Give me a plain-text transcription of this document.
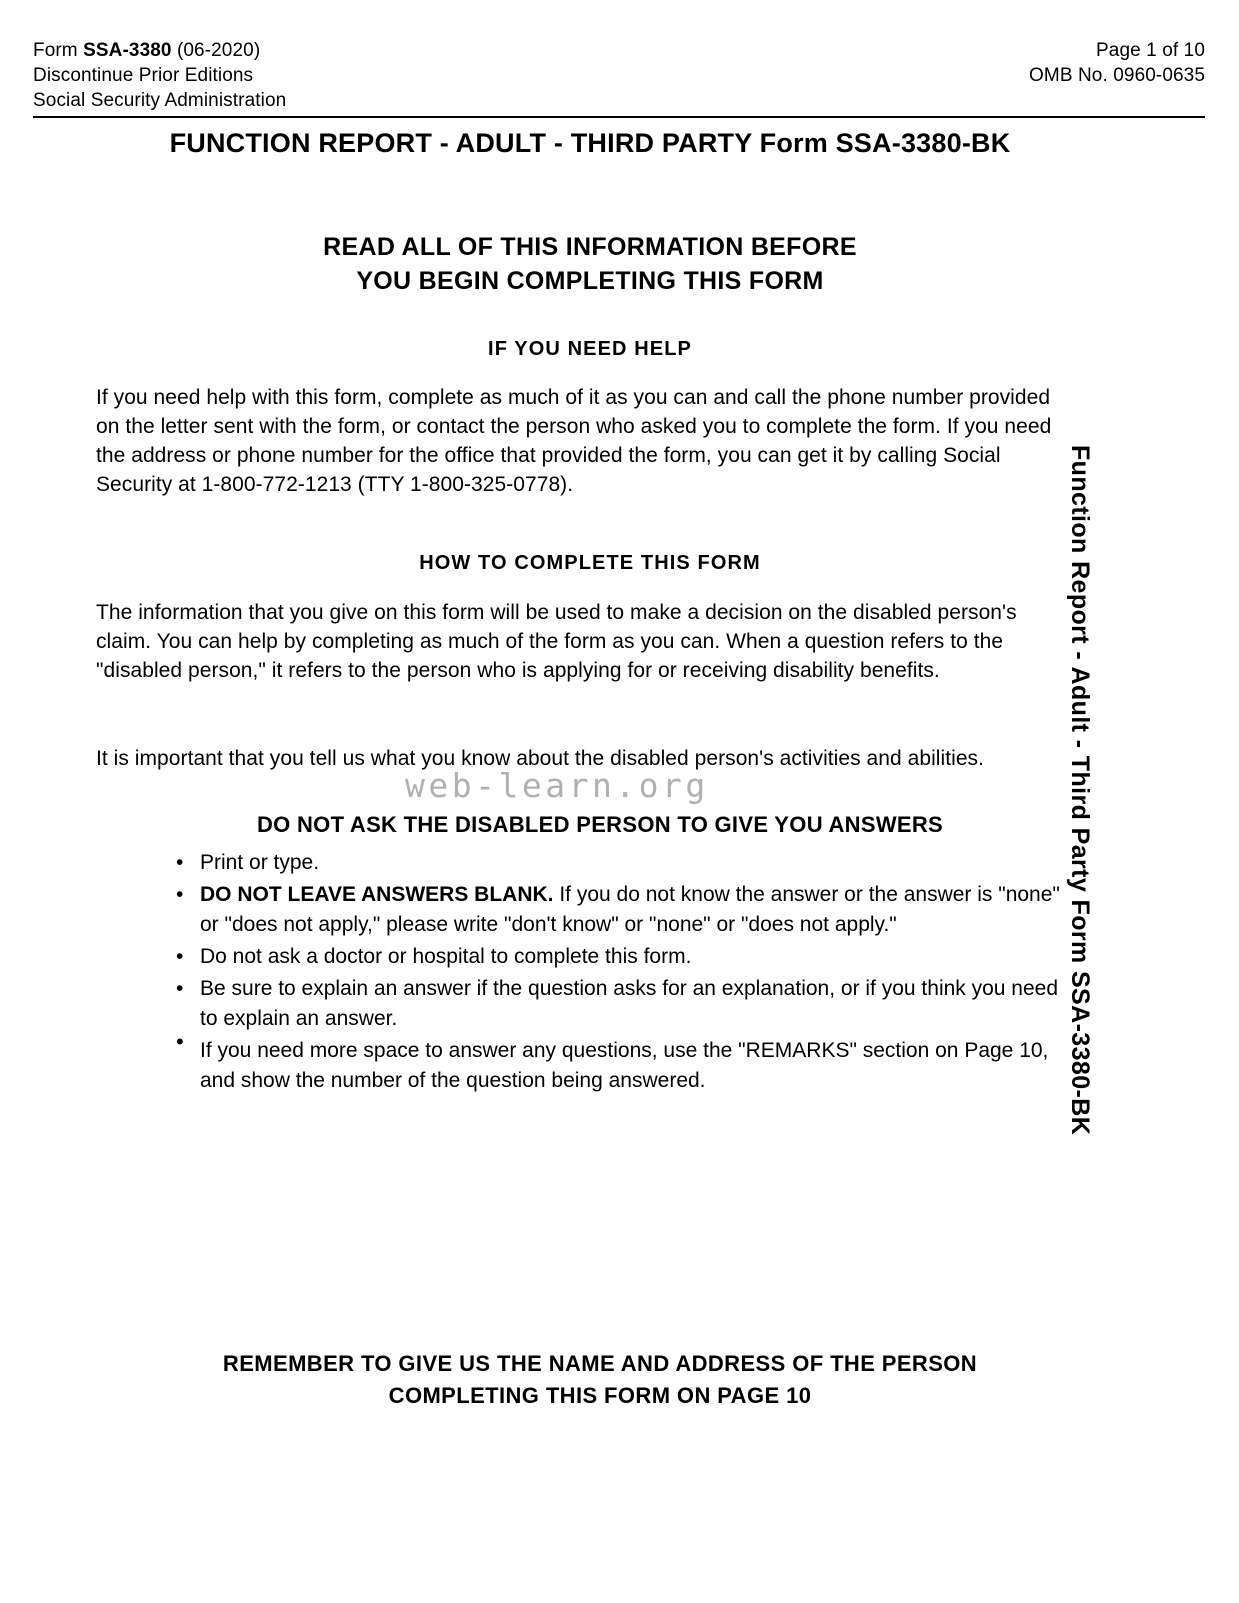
Form SSA-3380 (06-2020)
Discontinue Prior Editions
Social Security Administration
Page 1 of 10
OMB No. 0960-0635
FUNCTION REPORT - ADULT - THIRD PARTY Form SSA-3380-BK
READ ALL OF THIS INFORMATION BEFORE
YOU BEGIN COMPLETING THIS FORM
IF YOU NEED HELP
If you need help with this form, complete as much of it as you can and call the phone number provided on the letter sent with the form, or contact the person who asked you to complete the form. If you need the address or phone number for the office that provided the form, you can get it by calling Social Security at 1-800-772-1213 (TTY 1-800-325-0778).
HOW TO COMPLETE THIS FORM
The information that you give on this form will be used to make a decision on the disabled person's claim. You can help by completing as much of the form as you can. When a question refers to the "disabled person," it refers to the person who is applying for or receiving disability benefits.
It is important that you tell us what you know about the disabled person's activities and abilities.
web-learn.org
DO NOT ASK THE DISABLED PERSON TO GIVE YOU ANSWERS
• Print or type.
• DO NOT LEAVE ANSWERS BLANK. If you do not know the answer or the answer is "none" or "does not apply," please write "don't know" or "none" or "does not apply."
• Do not ask a doctor or hospital to complete this form.
• Be sure to explain an answer if the question asks for an explanation, or if you think you need to explain an answer.
• If you need more space to answer any questions, use the "REMARKS" section on Page 10, and show the number of the question being answered.
REMEMBER TO GIVE US THE NAME AND ADDRESS OF THE PERSON
COMPLETING THIS FORM ON PAGE 10
Function Report - Adult - Third Party Form SSA-3380-BK
